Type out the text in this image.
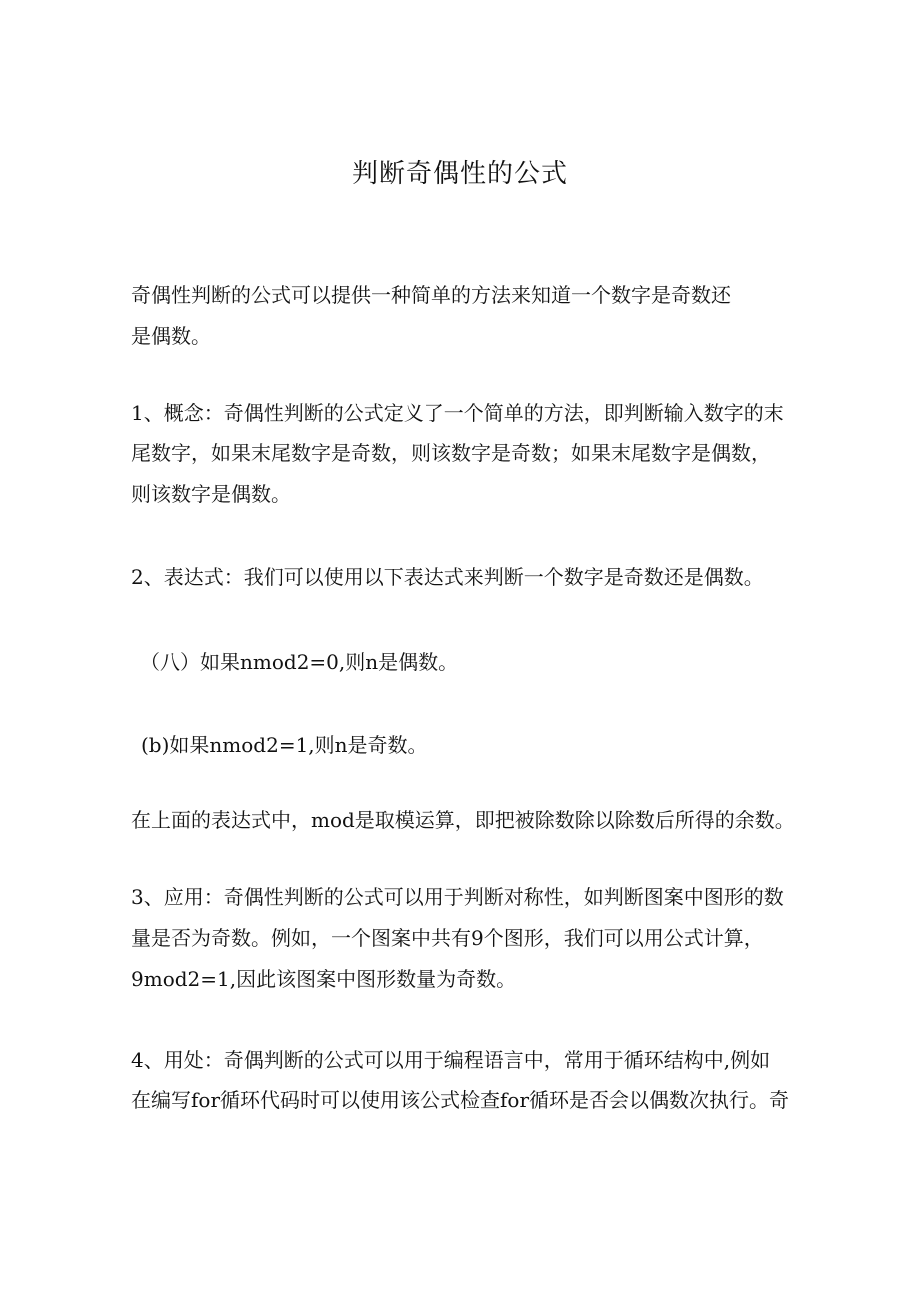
判断奇偶性的公式
奇偶性判断的公式可以提供一种简单的方法来知道一个数字是奇数还
是偶数。
1、概念：奇偶性判断的公式定义了一个简单的方法，即判断输入数字的末
尾数字，如果末尾数字是奇数，则该数字是奇数；如果末尾数字是偶数，
则该数字是偶数。
2、表达式：我们可以使用以下表达式来判断一个数字是奇数还是偶数。
（八）如果nmod2=0,则n是偶数。
(b)如果nmod2=1,则n是奇数。
在上面的表达式中，mod是取模运算，即把被除数除以除数后所得的余数。
3、应用：奇偶性判断的公式可以用于判断对称性，如判断图案中图形的数
量是否为奇数。例如，一个图案中共有9个图形，我们可以用公式计算，
9mod2=1,因此该图案中图形数量为奇数。
4、用处：奇偶判断的公式可以用于编程语言中，常用于循环结构中,例如
在编写for循环代码时可以使用该公式检查for循环是否会以偶数次执行。奇
